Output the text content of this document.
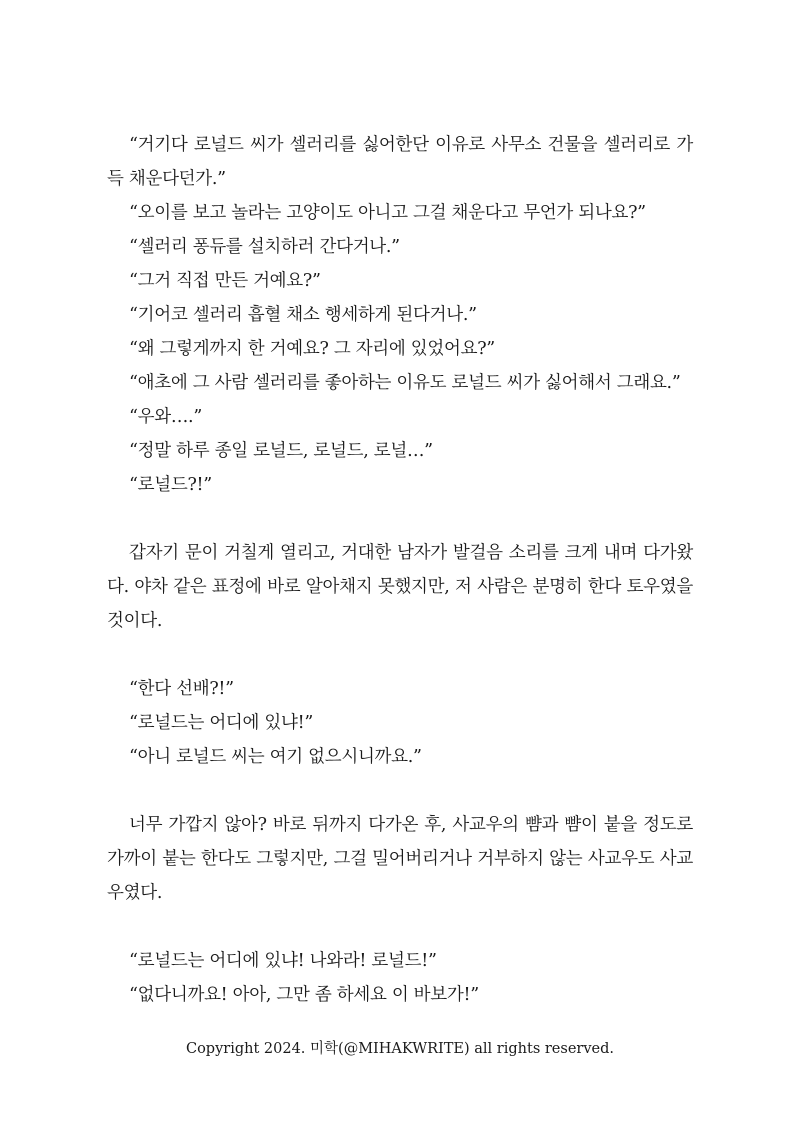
“거기다 로널드 씨가 셀러리를 싫어한단 이유로 사무소 건물을 셀러리로 가득 채운다던가.”

“오이를 보고 놀라는 고양이도 아니고 그걸 채운다고 무언가 되나요?”

“셀러리 퐁듀를 설치하러 간다거나.”

“그거 직접 만든 거예요?”

“기어코 셀러리 흡혈 채소 행세하게 된다거나.”

“왜 그렇게까지 한 거예요? 그 자리에 있었어요?”

“애초에 그 사람 셀러리를 좋아하는 이유도 로널드 씨가 싫어해서 그래요.”

“우와….”

“정말 하루 종일 로널드, 로널드, 로널…”

“로널드?!”

갑자기 문이 거칠게 열리고, 거대한 남자가 발걸음 소리를 크게 내며 다가왔다. 야차 같은 표정에 바로 알아채지 못했지만, 저 사람은 분명히 한다 토우였을 것이다.

“한다 선배?!”

“로널드는 어디에 있냐!”

“아니 로널드 씨는 여기 없으시니까요.”

너무 가깝지 않아? 바로 뒤까지 다가온 후, 사교우의 뺨과 뺨이 붙을 정도로 가까이 붙는 한다도 그렇지만, 그걸 밀어버리거나 거부하지 않는 사교우도 사교우였다.

“로널드는 어디에 있냐! 나와라! 로널드!”

“없다니까요! 아아, 그만 좀 하세요 이 바보가!”

Copyright 2024. 미학(@MIHAKWRITE) all rights reserved.
